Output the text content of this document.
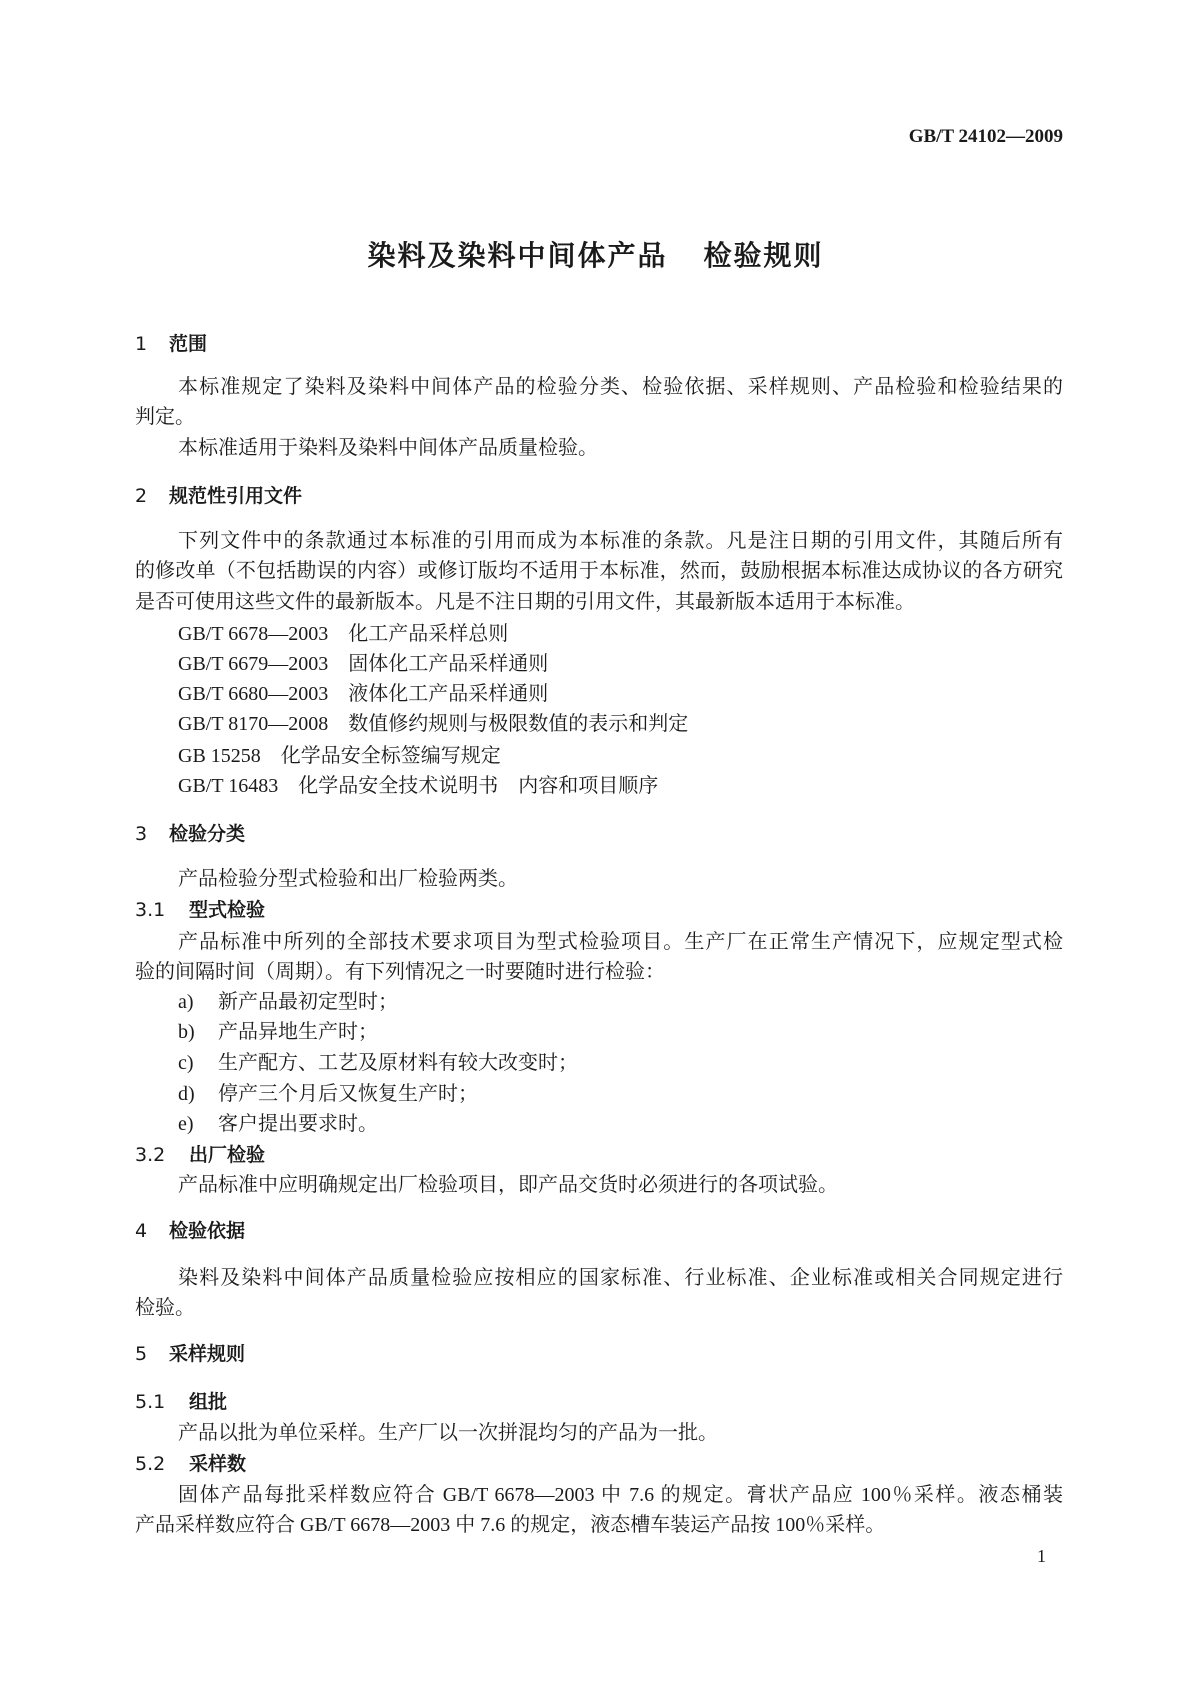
GB/T 24102—2009
染料及染料中间体产品 检验规则
1 范围
本标准规定了染料及染料中间体产品的检验分类、检验依据、采样规则、产品检验和检验结果的
判定。
本标准适用于染料及染料中间体产品质量检验。
2 规范性引用文件
下列文件中的条款通过本标准的引用而成为本标准的条款。凡是注日期的引用文件，其随后所有
的修改单（不包括勘误的内容）或修订版均不适用于本标准，然而，鼓励根据本标准达成协议的各方研究
是否可使用这些文件的最新版本。凡是不注日期的引用文件，其最新版本适用于本标准。
GB/T 6678—2003 化工产品采样总则
GB/T 6679—2003 固体化工产品采样通则
GB/T 6680—2003 液体化工产品采样通则
GB/T 8170—2008 数值修约规则与极限数值的表示和判定
GB 15258 化学品安全标签编写规定
GB/T 16483 化学品安全技术说明书　内容和项目顺序
3 检验分类
产品检验分型式检验和出厂检验两类。
3.1 型式检验
产品标准中所列的全部技术要求项目为型式检验项目。生产厂在正常生产情况下，应规定型式检
验的间隔时间（周期）。有下列情况之一时要随时进行检验：
a) 新产品最初定型时；
b) 产品异地生产时；
c) 生产配方、工艺及原材料有较大改变时；
d) 停产三个月后又恢复生产时；
e) 客户提出要求时。
3.2 出厂检验
产品标准中应明确规定出厂检验项目，即产品交货时必须进行的各项试验。
4 检验依据
染料及染料中间体产品质量检验应按相应的国家标准、行业标准、企业标准或相关合同规定进行
检验。
5 采样规则
5.1 组批
产品以批为单位采样。生产厂以一次拼混均匀的产品为一批。
5.2 采样数
固体产品每批采样数应符合 GB/T 6678—2003 中 7.6 的规定。膏状产品应 100％采样。液态桶装
产品采样数应符合 GB/T 6678—2003 中 7.6 的规定，液态槽车装运产品按 100％采样。
1
